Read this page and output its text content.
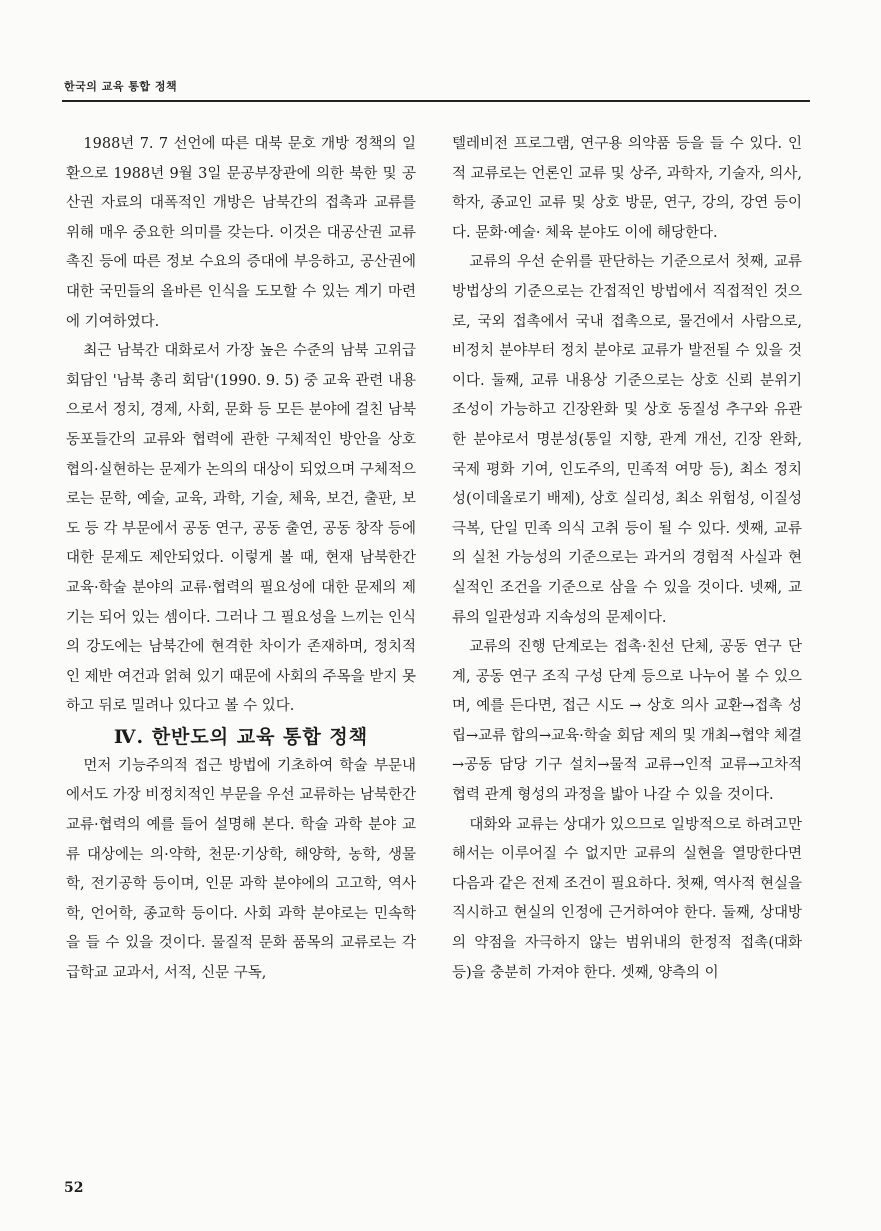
한국의 교육 통합 정책

1988년 7. 7 선언에 따른 대북 문호 개방 정책의 일환으로 1988년 9월 3일 문공부장관에 의한 북한 및 공산권 자료의 대폭적인 개방은 남북간의 접촉과 교류를 위해 매우 중요한 의미를 갖는다. 이것은 대공산권 교류 촉진 등에 따른 정보 수요의 증대에 부응하고, 공산권에 대한 국민들의 올바른 인식을 도모할 수 있는 계기 마련에 기여하였다.

최근 남북간 대화로서 가장 높은 수준의 남북 고위급 회담인 '남북 총리 회담'(1990. 9. 5) 중 교육 관련 내용으로서 정치, 경제, 사회, 문화 등 모든 분야에 걸친 남북 동포들간의 교류와 협력에 관한 구체적인 방안을 상호 협의·실현하는 문제가 논의의 대상이 되었으며 구체적으로는 문학, 예술, 교육, 과학, 기술, 체육, 보건, 출판, 보도 등 각 부문에서 공동 연구, 공동 출연, 공동 창작 등에 대한 문제도 제안되었다. 이렇게 볼 때, 현재 남북한간 교육·학술 분야의 교류·협력의 필요성에 대한 문제의 제기는 되어 있는 셈이다. 그러나 그 필요성을 느끼는 인식의 강도에는 남북간에 현격한 차이가 존재하며, 정치적인 제반 여건과 얽혀 있기 때문에 사회의 주목을 받지 못하고 뒤로 밀려나 있다고 볼 수 있다.

Ⅳ. 한반도의 교육 통합 정책

먼저 기능주의적 접근 방법에 기초하여 학술 부문내에서도 가장 비정치적인 부문을 우선 교류하는 남북한간 교류·협력의 예를 들어 설명해 본다. 학술 과학 분야 교류 대상에는 의·약학, 천문·기상학, 해양학, 농학, 생물학, 전기공학 등이며, 인문 과학 분야에의 고고학, 역사학, 언어학, 종교학 등이다. 사회 과학 분야로는 민속학을 들 수 있을 것이다. 물질적 문화 품목의 교류로는 각급학교 교과서, 서적, 신문 구독,

텔레비전 프로그램, 연구용 의약품 등을 들 수 있다. 인적 교류로는 언론인 교류 및 상주, 과학자, 기술자, 의사, 학자, 종교인 교류 및 상호 방문, 연구, 강의, 강연 등이다. 문화·예술· 체육 분야도 이에 해당한다.

교류의 우선 순위를 판단하는 기준으로서 첫째, 교류 방법상의 기준으로는 간접적인 방법에서 직접적인 것으로, 국외 접촉에서 국내 접촉으로, 물건에서 사람으로, 비정치 분야부터 정치 분야로 교류가 발전될 수 있을 것이다. 둘째, 교류 내용상 기준으로는 상호 신뢰 분위기 조성이 가능하고 긴장완화 및 상호 동질성 추구와 유관한 분야로서 명분성(통일 지향, 관계 개선, 긴장 완화, 국제 평화 기여, 인도주의, 민족적 여망 등), 최소 정치성(이데올로기 배제), 상호 실리성, 최소 위험성, 이질성 극복, 단일 민족 의식 고취 등이 될 수 있다. 셋째, 교류의 실천 가능성의 기준으로는 과거의 경험적 사실과 현실적인 조건을 기준으로 삼을 수 있을 것이다. 넷째, 교류의 일관성과 지속성의 문제이다.

교류의 진행 단계로는 접촉·친선 단체, 공동 연구 단계, 공동 연구 조직 구성 단계 등으로 나누어 볼 수 있으며, 예를 든다면, 접근 시도 → 상호 의사 교환→접촉 성립→교류 합의→교육·학술 회담 제의 및 개최→협약 체결→공동 담당 기구 설치→물적 교류→인적 교류→고차적 협력 관계 형성의 과정을 밟아 나갈 수 있을 것이다.

대화와 교류는 상대가 있으므로 일방적으로 하려고만 해서는 이루어질 수 없지만 교류의 실현을 열망한다면 다음과 같은 전제 조건이 필요하다. 첫째, 역사적 현실을 직시하고 현실의 인정에 근거하여야 한다. 둘째, 상대방의 약점을 자극하지 않는 범위내의 한정적 접촉(대화 등)을 충분히 가져야 한다. 셋째, 양측의 이

52
